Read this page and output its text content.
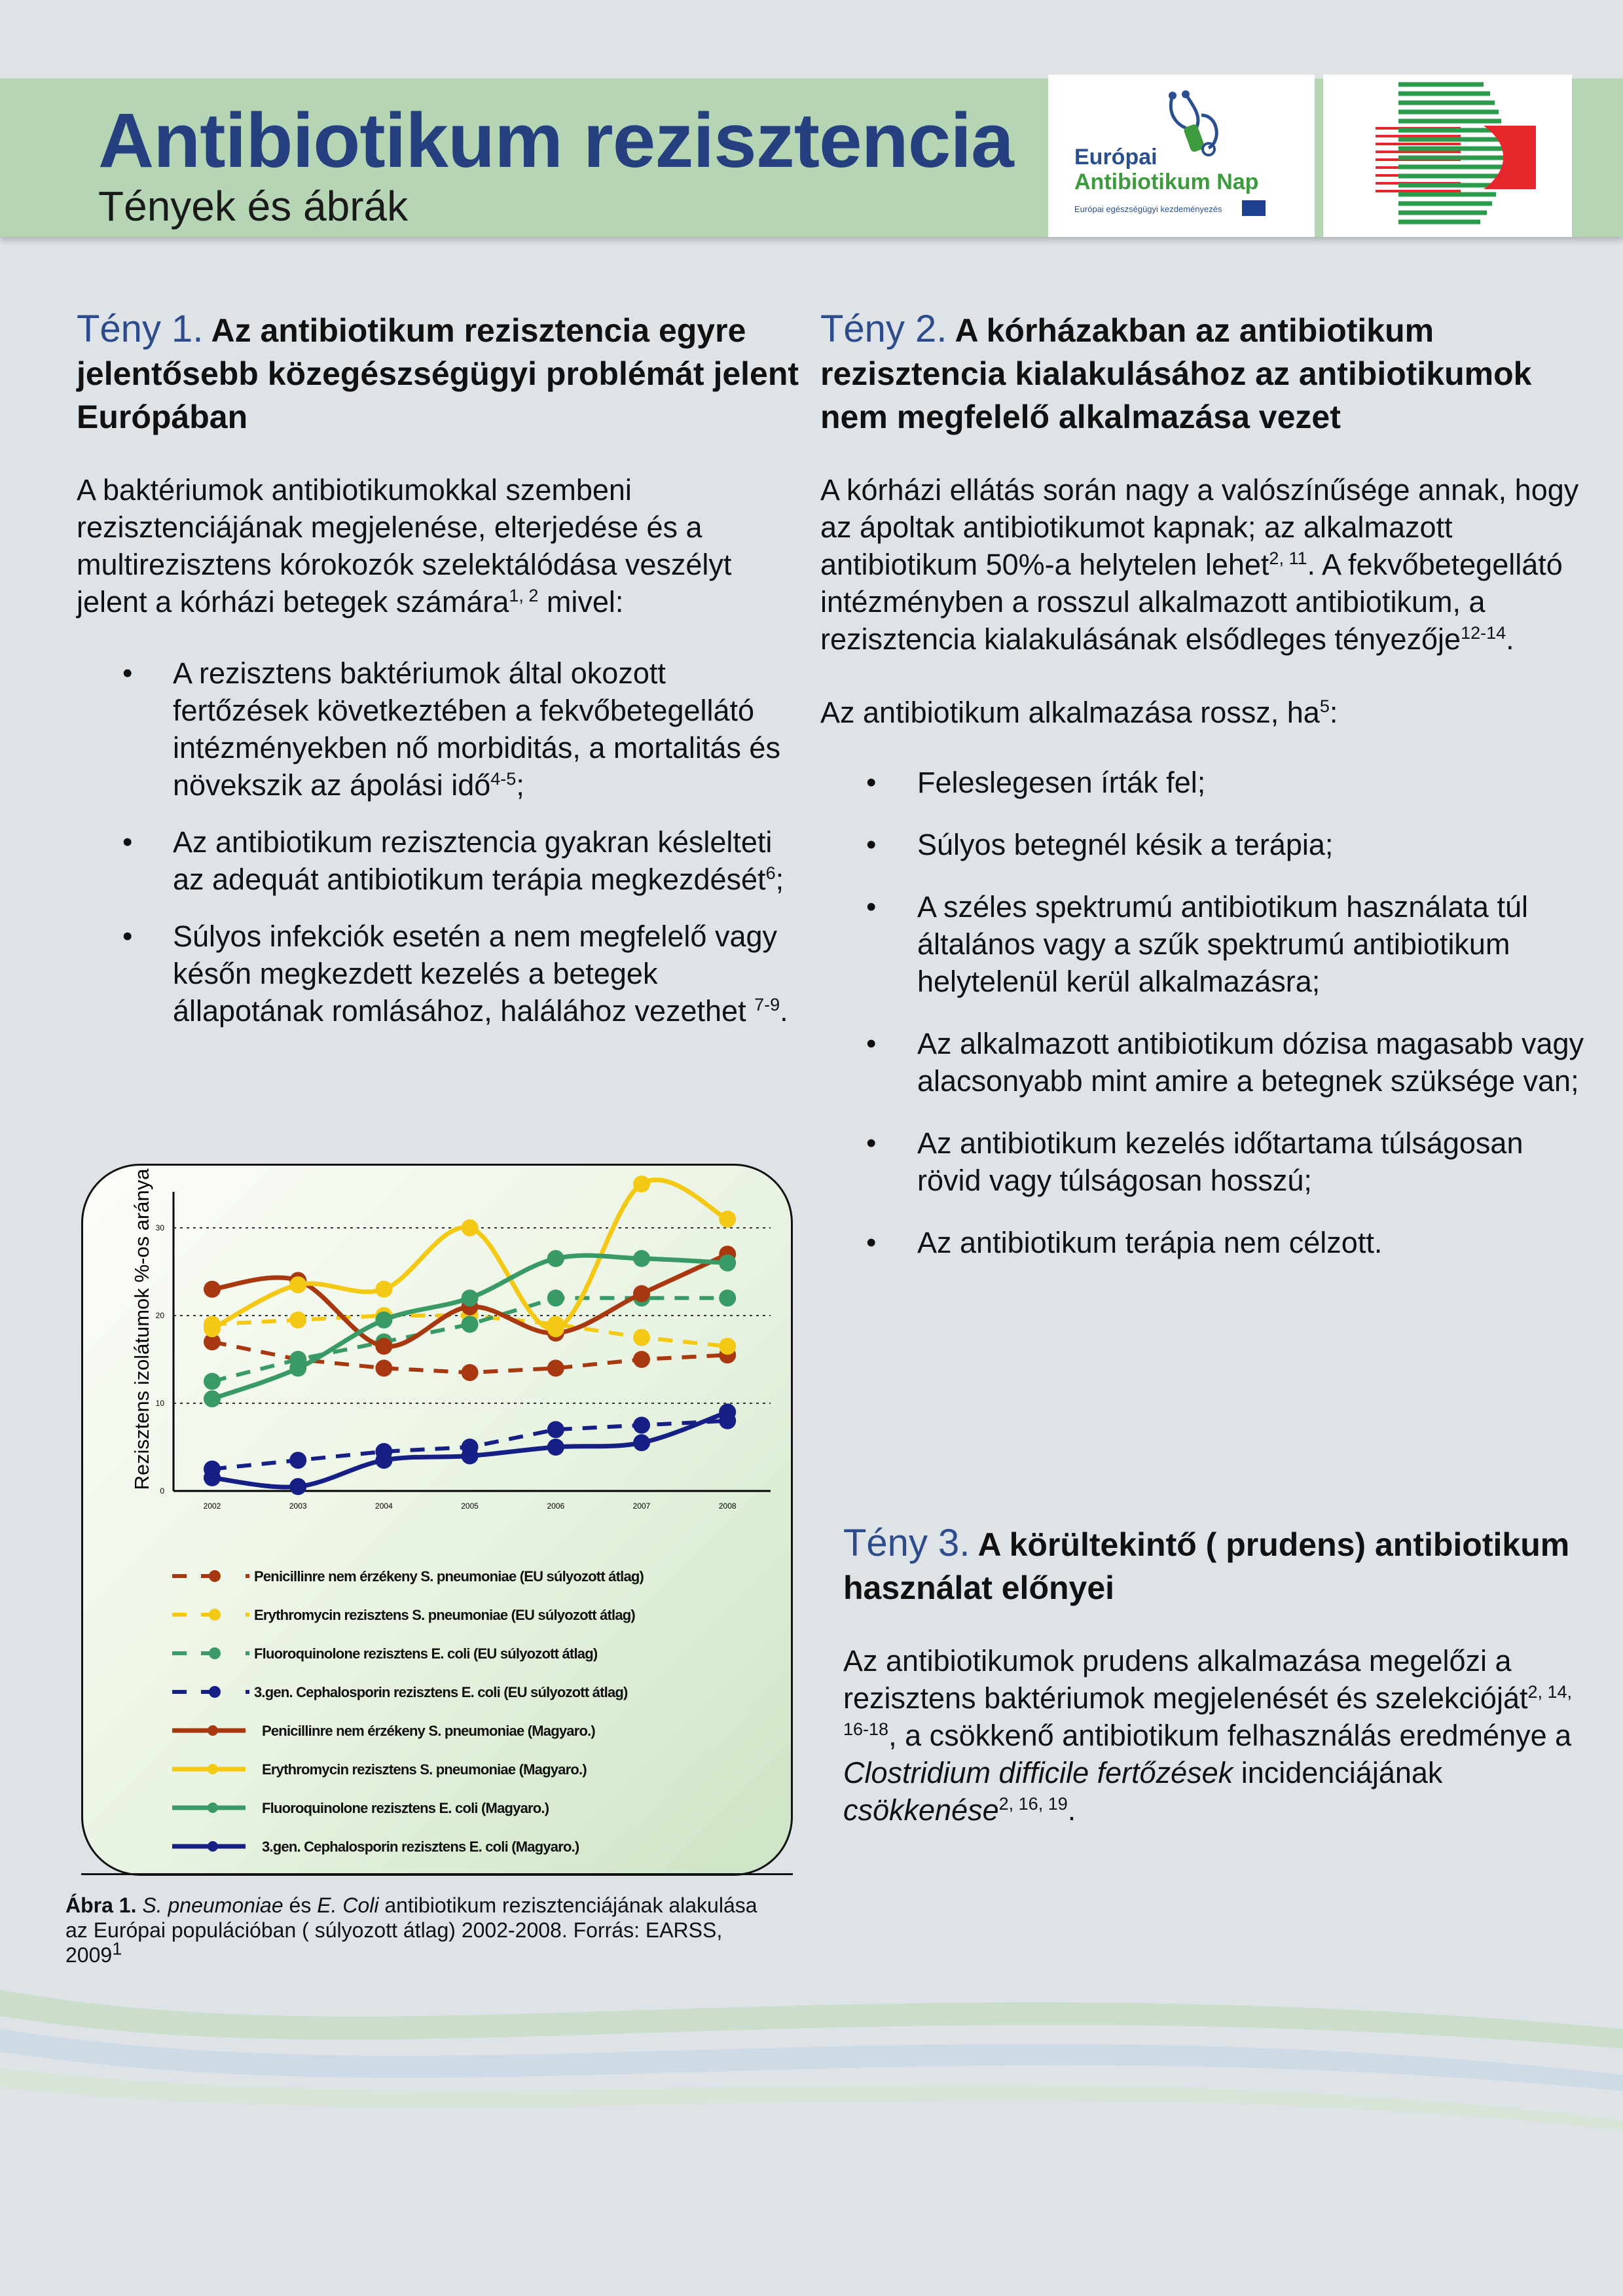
Antibiotikum rezisztencia
Tények és ábrák
Európai
Antibiotikum Nap
Európai egészségügyi kezdeményezés
Tény 1. Az antibiotikum rezisztencia egyre jelentősebb közegészségügyi problémát jelent Európában

A baktériumok antibiotikumokkal szembeni rezisztenciájának megjelenése, elterjedése és a multirezisztens kórokozók szelektálódása veszélyt jelent a kórházi betegek számára$^{1, 2}$ mivel:

• A rezisztens baktériumok által okozott fertőzések következtében a fekvőbetegellátó intézményekben nő morbiditás, a mortalitás és növekszik az ápolási idő$^{4-5}$;
• Az antibiotikum rezisztencia gyakran késlelteti az adequát antibiotikum terápia megkezdését$^6$;
• Súlyos infekciók esetén a nem megfelelő vagy későn megkezdett kezelés a betegek állapotának romlásához, halálához vezethet $^{7-9}$.
0
10
20
30
2002	2003	2004	2005	2006	2007	2008
Rezisztens izolátumok %-os aránya
Penicillinre nem érzékeny S. pneumoniae (EU súlyozott átlag)
Erythromycin rezisztens S. pneumoniae (EU súlyozott átlag)
Fluoroquinolone rezisztens E. coli (EU súlyozott átlag)
3.gen. Cephalosporin rezisztens E. coli (EU súlyozott átlag)
Penicillinre nem érzékeny S. pneumoniae (Magyaro.)
Erythromycin rezisztens S. pneumoniae (Magyaro.)
Fluoroquinolone rezisztens E. coli (Magyaro.)
3.gen. Cephalosporin rezisztens E. coli (Magyaro.)
Ábra 1. S. pneumoniae és E. Coli antibiotikum rezisztenciájának alakulása az Európai populációban ( súlyozott átlag) 2002-2008. Forrás: EARSS, 2009$^1$
Tény 2. A kórházakban az antibiotikum rezisztencia kialakulásához az antibiotikumok nem megfelelő alkalmazása vezet

A kórházi ellátás során nagy a valószínűsége annak, hogy az ápoltak antibiotikumot kapnak; az alkalmazott antibiotikum 50%-a helytelen lehet$^{2, 11}$. A fekvőbetegellátó intézményben a rosszul alkalmazott antibiotikum, a rezisztencia kialakulásának elsődleges tényezője$^{12-14}$.

Az antibiotikum alkalmazása rossz, $ha^5$:

• Feleslegesen írták fel;
• Súlyos betegnél késik a terápia;
• A széles spektrumú antibiotikum használata túl általános vagy a szűk spektrumú antibiotikum helytelenül kerül alkalmazásra;
• Az alkalmazott antibiotikum dózisa magasabb vagy alacsonyabb mint amire a betegnek szüksége van;
• Az antibiotikum kezelés időtartama túlságosan rövid vagy túlságosan hosszú;
• Az antibiotikum terápia nem célzott.
Tény 3. A körültekintő ( prudens) antibiotikum használat előnyei

Az antibiotikumok prudens alkalmazása megelőzi a rezisztens baktériumok megjelenését és szelekcióját$^{2, 14, 16-18}$, a csökkenő antibiotikum felhasználás eredménye a Clostridium difficile fertőzések incidenciájának csökkenése$^{2, 16, 19}$.
